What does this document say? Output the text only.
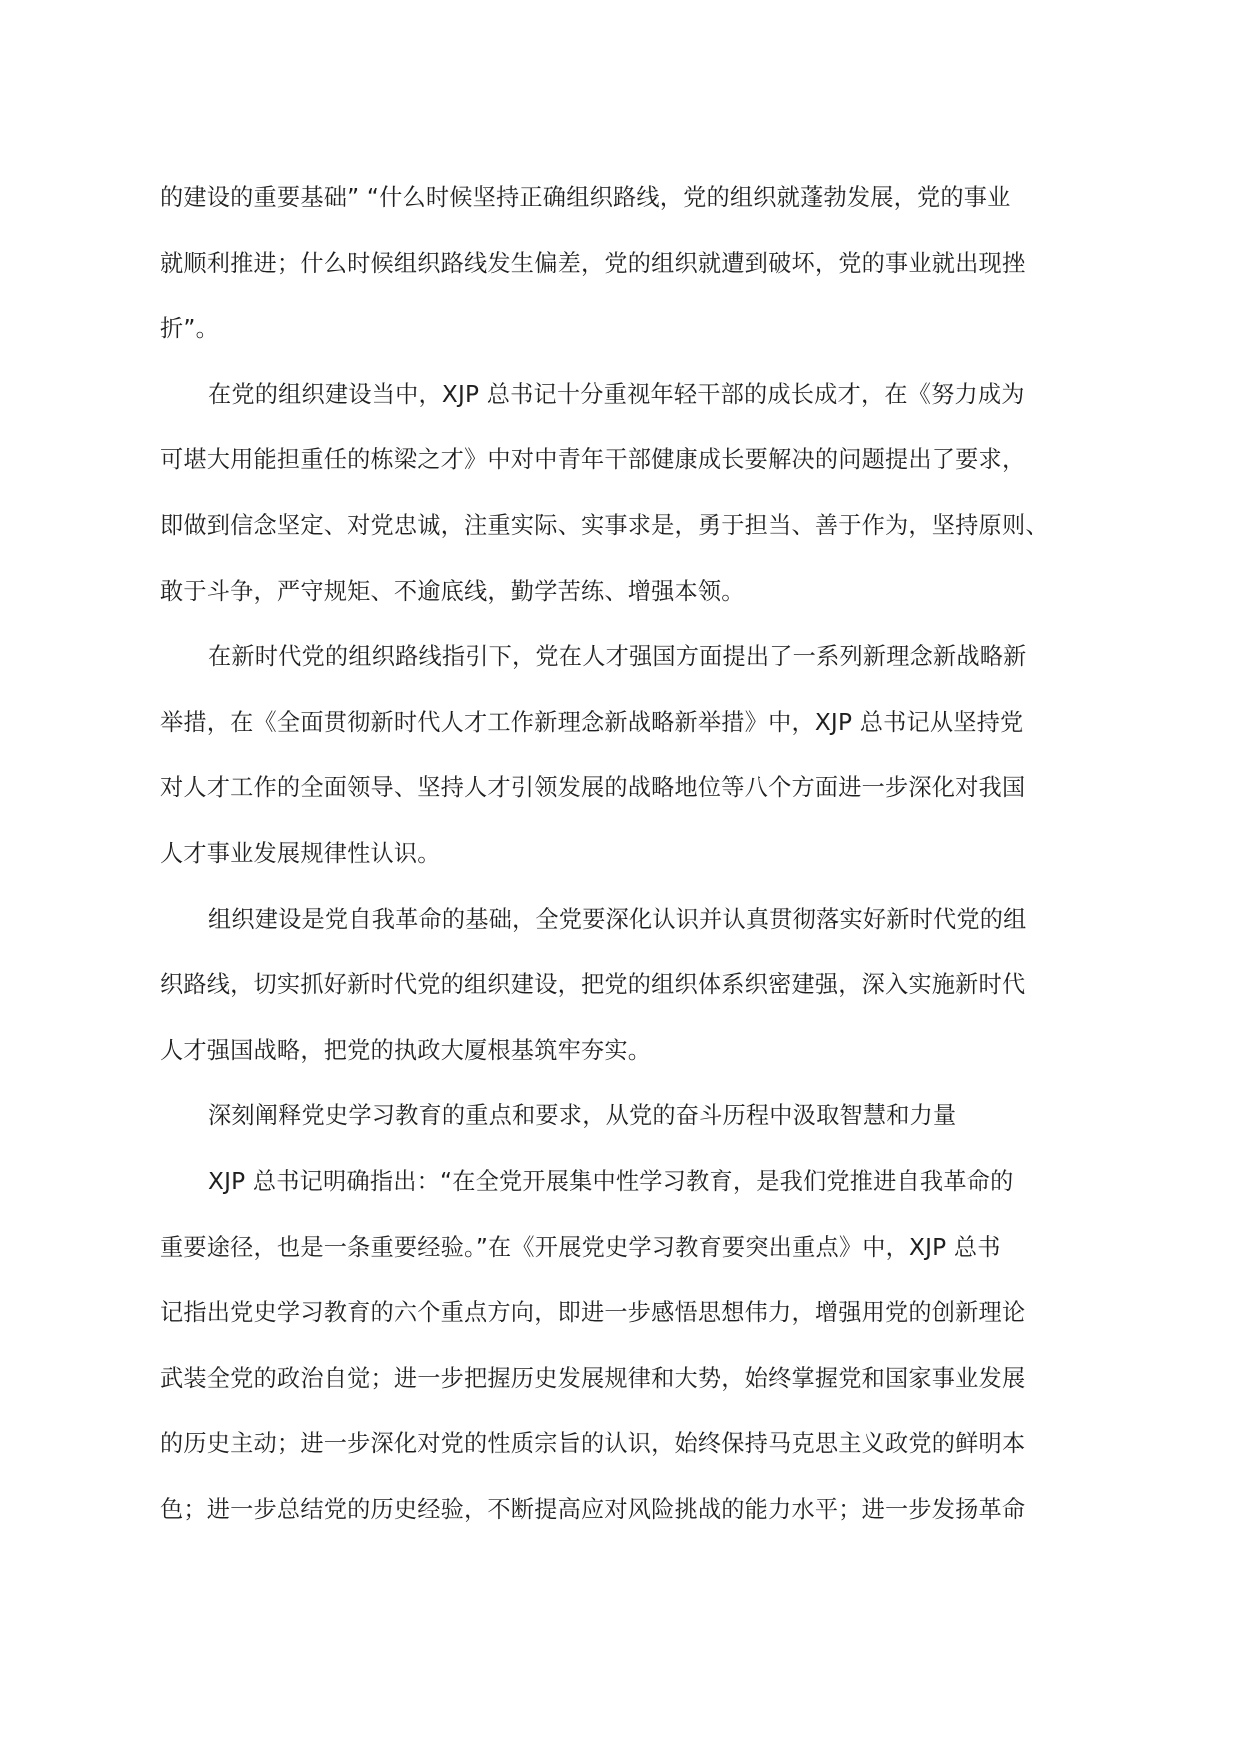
的建设的重要基础” “什么时候坚持正确组织路线，党的组织就蓬勃发展，党的事业
就顺利推进；什么时候组织路线发生偏差，党的组织就遭到破坏，党的事业就出现挫
折”。
在党的组织建设当中，XJP 总书记十分重视年轻干部的成长成才，在《努力成为
可堪大用能担重任的栋梁之才》中对中青年干部健康成长要解决的问题提出了要求，
即做到信念坚定、对党忠诚，注重实际、实事求是，勇于担当、善于作为，坚持原则、
敢于斗争，严守规矩、不逾底线，勤学苦练、增强本领。
在新时代党的组织路线指引下，党在人才强国方面提出了一系列新理念新战略新
举措，在《全面贯彻新时代人才工作新理念新战略新举措》中，XJP 总书记从坚持党
对人才工作的全面领导、坚持人才引领发展的战略地位等八个方面进一步深化对我国
人才事业发展规律性认识。
组织建设是党自我革命的基础，全党要深化认识并认真贯彻落实好新时代党的组
织路线，切实抓好新时代党的组织建设，把党的组织体系织密建强，深入实施新时代
人才强国战略，把党的执政大厦根基筑牢夯实。
深刻阐释党史学习教育的重点和要求，从党的奋斗历程中汲取智慧和力量
XJP 总书记明确指出：“在全党开展集中性学习教育，是我们党推进自我革命的
重要途径，也是一条重要经验。”在《开展党史学习教育要突出重点》中，XJP 总书
记指出党史学习教育的六个重点方向，即进一步感悟思想伟力，增强用党的创新理论
武装全党的政治自觉；进一步把握历史发展规律和大势，始终掌握党和国家事业发展
的历史主动；进一步深化对党的性质宗旨的认识，始终保持马克思主义政党的鲜明本
色；进一步总结党的历史经验，不断提高应对风险挑战的能力水平；进一步发扬革命
